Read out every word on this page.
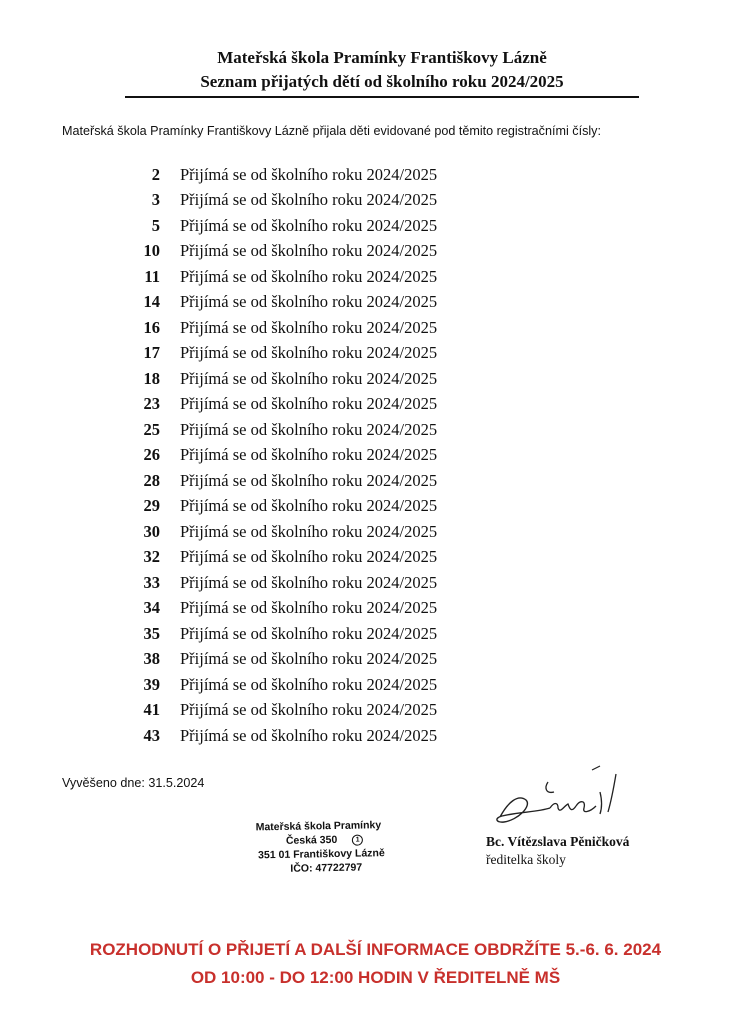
Mateřská škola Pramínky Františkovy Lázně
Seznam přijatých dětí od školního roku 2024/2025
Mateřská škola Pramínky Františkovy Lázně přijala děti evidované pod těmito registračními čísly:
2 Přijímá se od školního roku 2024/2025
3 Přijímá se od školního roku 2024/2025
5 Přijímá se od školního roku 2024/2025
10 Přijímá se od školního roku 2024/2025
11 Přijímá se od školního roku 2024/2025
14 Přijímá se od školního roku 2024/2025
16 Přijímá se od školního roku 2024/2025
17 Přijímá se od školního roku 2024/2025
18 Přijímá se od školního roku 2024/2025
23 Přijímá se od školního roku 2024/2025
25 Přijímá se od školního roku 2024/2025
26 Přijímá se od školního roku 2024/2025
28 Přijímá se od školního roku 2024/2025
29 Přijímá se od školního roku 2024/2025
30 Přijímá se od školního roku 2024/2025
32 Přijímá se od školního roku 2024/2025
33 Přijímá se od školního roku 2024/2025
34 Přijímá se od školního roku 2024/2025
35 Přijímá se od školního roku 2024/2025
38 Přijímá se od školního roku 2024/2025
39 Přijímá se od školního roku 2024/2025
41 Přijímá se od školního roku 2024/2025
43 Přijímá se od školního roku 2024/2025
Vyvěšeno dne: 31.5.2024
Mateřská škola Pramínky
Česká 350	1
351 01 Františkovy Lázně
IČO: 47722797
Bc. Vítězslava Pěničková
ředitelka školy
ROZHODNUTÍ O PŘIJETÍ A DALŠÍ INFORMACE OBDRŽÍTE 5.-6. 6. 2024
OD 10:00 - DO 12:00 HODIN V ŘEDITELNĚ MŠ
